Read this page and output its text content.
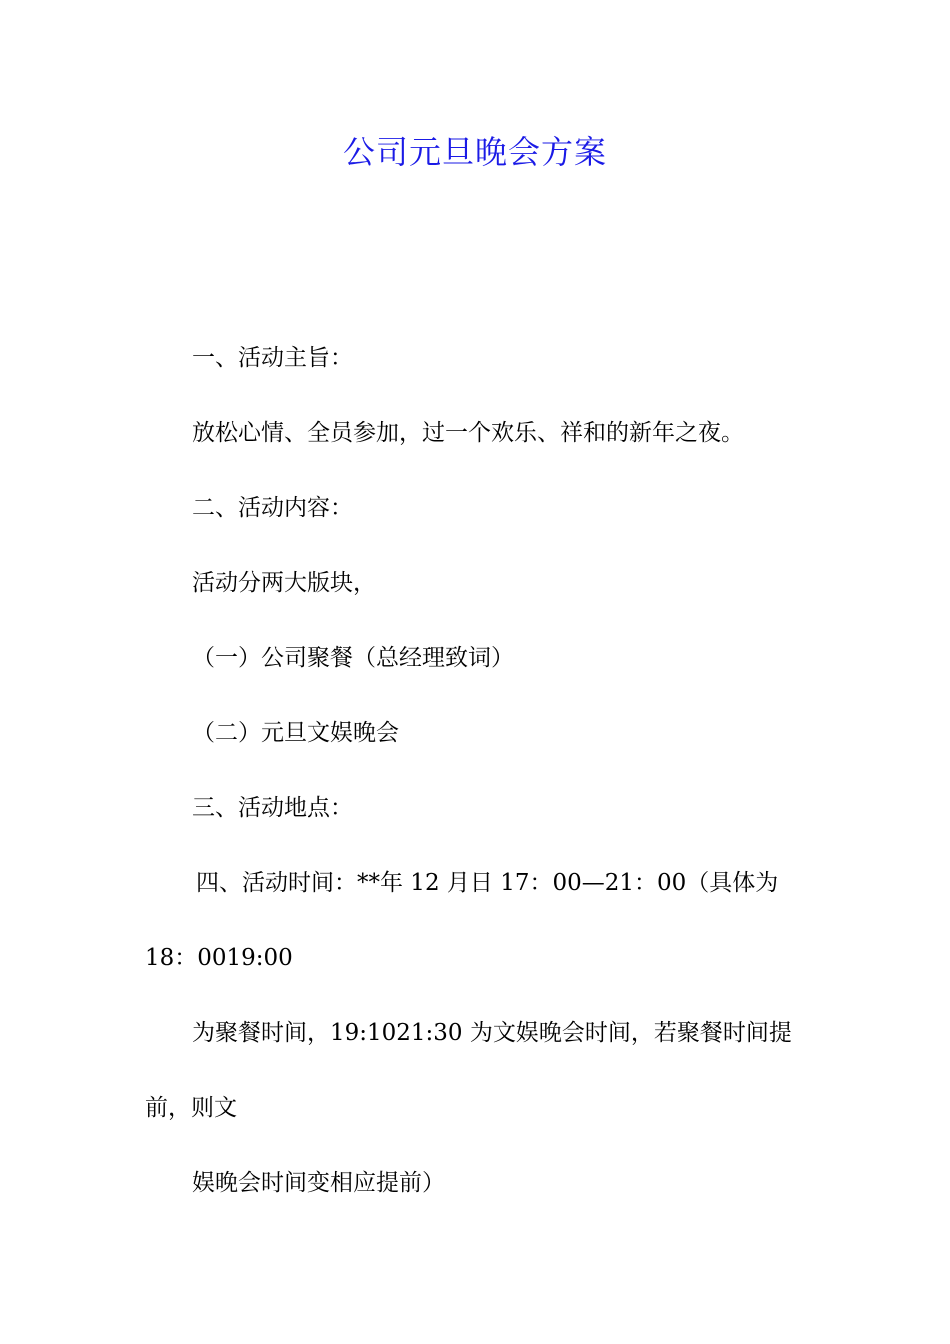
公司元旦晚会方案

一、活动主旨：

放松心情、全员参加，过一个欢乐、祥和的新年之夜。

二、活动内容：

活动分两大版块，

（一）公司聚餐（总经理致词）

（二）元旦文娱晚会

三、活动地点：

四、活动时间：**年 12 月日 17：00—21：00（具体为

18：0019:00

为聚餐时间，19:1021:30 为文娱晚会时间，若聚餐时间提

前，则文

娱晚会时间变相应提前）
